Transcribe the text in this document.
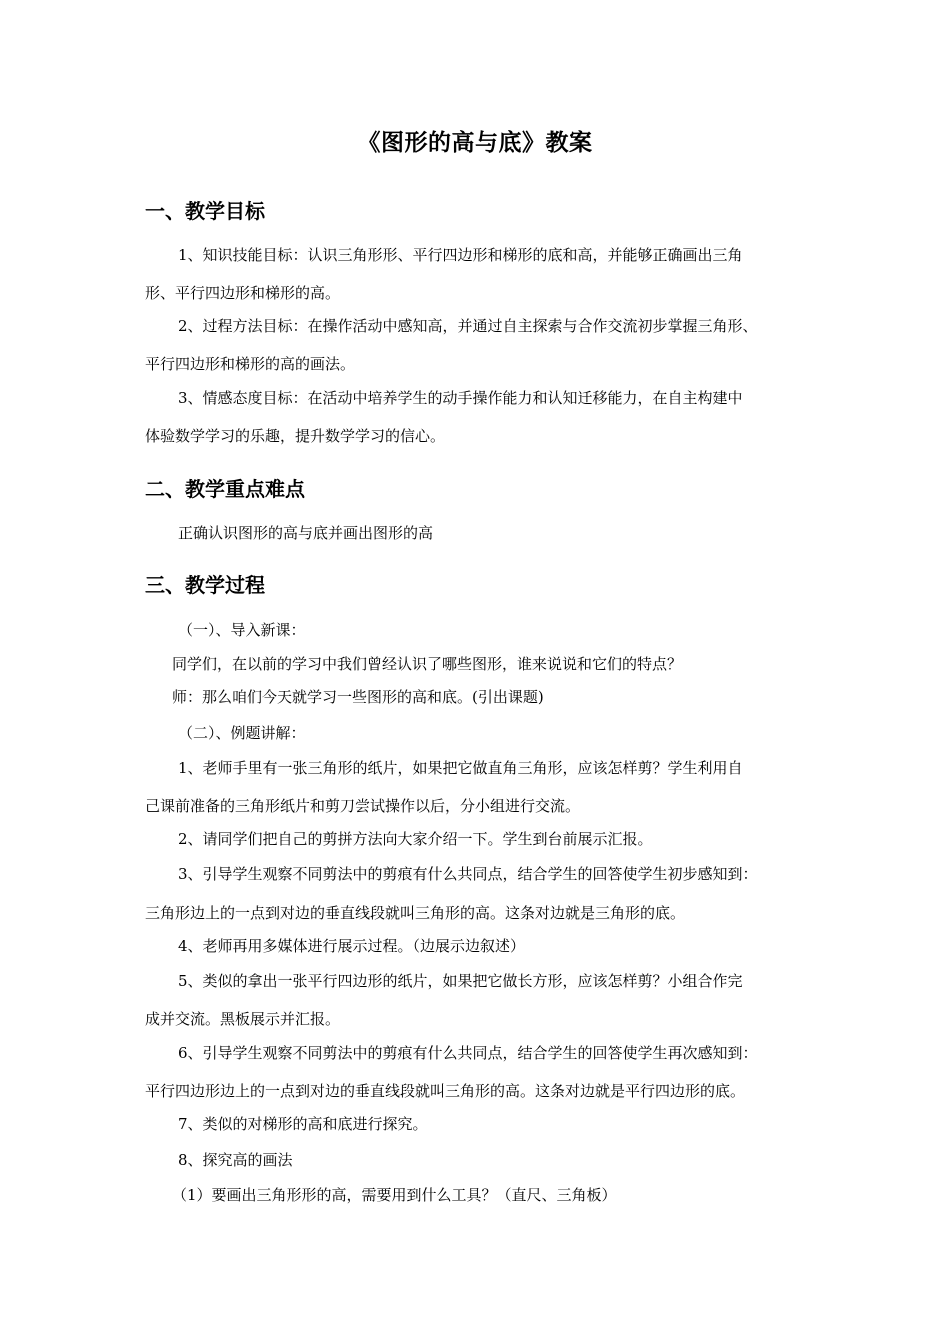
《图形的高与底》教案
一、教学目标
1、知识技能目标：认识三角形形、平行四边形和梯形的底和高，并能够正确画出三角
形、平行四边形和梯形的高。
2、过程方法目标：在操作活动中感知高，并通过自主探索与合作交流初步掌握三角形、
平行四边形和梯形的高的画法。
3、情感态度目标：在活动中培养学生的动手操作能力和认知迁移能力，在自主构建中
体验数学学习的乐趣，提升数学学习的信心。
二、教学重点难点
正确认识图形的高与底并画出图形的高
三、教学过程
（一）、导入新课：
同学们，在以前的学习中我们曾经认识了哪些图形，谁来说说和它们的特点？
师：那么咱们今天就学习一些图形的高和底。(引出课题)
（二）、例题讲解：
1、老师手里有一张三角形的纸片，如果把它做直角三角形，应该怎样剪？学生利用自
己课前准备的三角形纸片和剪刀尝试操作以后，分小组进行交流。
2、请同学们把自己的剪拼方法向大家介绍一下。学生到台前展示汇报。
3、引导学生观察不同剪法中的剪痕有什么共同点，结合学生的回答使学生初步感知到：
三角形边上的一点到对边的垂直线段就叫三角形的高。这条对边就是三角形的底。
4、老师再用多媒体进行展示过程。（边展示边叙述）
5、类似的拿出一张平行四边形的纸片，如果把它做长方形，应该怎样剪？小组合作完
成并交流。黑板展示并汇报。
6、引导学生观察不同剪法中的剪痕有什么共同点，结合学生的回答使学生再次感知到：
平行四边形边上的一点到对边的垂直线段就叫三角形的高。这条对边就是平行四边形的底。
7、类似的对梯形的高和底进行探究。
8、探究高的画法
（1）要画出三角形形的高，需要用到什么工具？（直尺、三角板）
